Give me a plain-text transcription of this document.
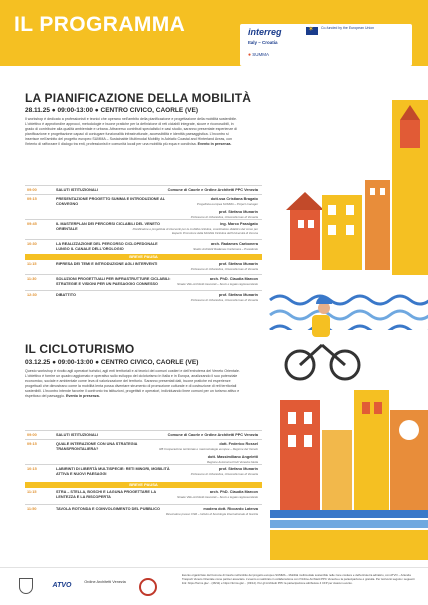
IL PROGRAMMA	interreg
✶	Co-funded by the European Union
Italy – Croatia
● SUMMA
LA PIANIFICAZIONE DELLA MOBILITÀ
28.11.25 ● 09:00-13:00 ● CENTRO CIVICO, CAORLE (VE)
Il workshop è dedicato a professionisti e tecnici che operano nell'ambito della pianificazione e progettazione della mobilità sostenibile. L'obiettivo è approfondire approcci, metodologie e buone pratiche per la definizione di reti ciclabili integrate, sicure e riconoscibili, in grado di contribuire alla qualità ambientale e urbana. Attraverso contributi specialistici e casi studio, saranno presentate esperienze di pianificazione e progettazione capaci di coniugare funzionalità infrastrutturale, accessibilità e identità paesaggistica. L'incontro si inserisce nell'ambito del progetto europeo SUMMA – Sustainable Multimodal Mobility in Adriatic Coastal and Hinterland Areas, con l'intento di rafforzare il dialogo tra enti, professionisti e comunità locali per una mobilità più equa e condivisa. Evento in presenza.
09:00	SALUTI ISTITUZIONALI	Comune di Caorle e Ordine Architetti PPC Venezia
09:15	PRESENTAZIONE PROGETTO SUMMA E INTRODUZIONE AL CONVEGNO
dott.ssa Cristiana Bragato
Progettista europea SUMMA – Project manager
prof. Stefano Munarin
Professore di Urbanistica, Università Iuav di Venezia
09:45	IL MASTERPLAN DEI PERCORSI CICLABILI DEL VENETO ORIENTALE
ing. Marco Passigato
Pianificatore e progettista di interventi per la mobilità ciclistica, coordinatore didattico del corso per Esperto Promotore della Mobilità Ciclistica dell'Università di Verona
10:30	LA REALIZZAZIONE DEL PERCORSO CICLOPEDONALE LUNGO IL CANALE DELL'OROLOGIO
arch. Radames Carbonera
Studio Architetti Radames Carbonera – Presidente
BREVE PAUSA
11:15	RIPRESA DEI TEMI E INTRODUZIONE AGLI INTERVENTI	prof. Stefano Munarin
Professore di Urbanistica, Università Iuav di Venezia
11:30	SOLUZIONI PROGETTUALI PER INFRASTRUTTURE CICLABILI: STRATEGIE E VISIONI PER UN PAESAGGIO CONNESSO
arch. PhD. Claudia Marcon
Strade Ville-Architetti Associati – Socio e legale rappresentante
12:30	DIBATTITO	prof. Stefano Munarin
Professore di Urbanistica, Università Iuav di Venezia
IL CICLOTURISMO
03.12.25 ● 09:00-13:00 ● CENTRO CIVICO, CAORLE (VE)
Questo workshop è rivolto agli operatori turistici, agli enti territoriali e ai tecnici dei comuni costieri e dell'entroterra del Veneto Orientale. L'obiettivo è fornire un quadro aggiornato e operativo sullo sviluppo del cicloturismo in Italia e in Europa, analizzando il suo potenziale economico, sociale e ambientale come leva di valorizzazione del territorio. Saranno presentati dati, buone pratiche ed esperienze progettuali che dimostrano come la mobilità lenta possa diventare strumento di promozione culturale e di costruzione di reti territoriali sostenibili. L'incontro intende favorire il confronto tra istituzioni, progettisti e operatori, individuando linee comuni per un turismo attivo e rispettoso del paesaggio. Evento in presenza.
09:00	SALUTI ISTITUZIONALI	Comune di Caorle e Ordine Architetti PPC Venezia
09:15	QUALE INTERAZIONE CON UNA STRATEGIA TRANSFRONTALIERA?
dott. Federico Rossel
RB Cooperazione territoriale e macrostrategie europee – Regione del Veneto
dott. Massimiliano Angeletti
Regione Autonoma Friuli Venezia Giulia
10:15	LABIRINTI DI LIBERTÀ MULTISPECIE: RETI MINORI, MOBILITÀ ATTIVA E NUOVI PAESAGGI
prof. Stefano Munarin
Professore di Urbanistica, Università Iuav di Venezia
BREVE PAUSA
11:15	STRA – STELLA, BOSCHI E LAGUNA PROGETTARE LA LENTEZZA E LA RISCOPERTA
arch. PhD. Claudia Marcon
Strade Ville-Architetti Associati – Socio e legale rappresentante
11:50	TAVOLA ROTONDA E COINVOLGIMENTO DEL PUBBLICO	modera dott. Riccardo Laterza
Ricercatore presso CSR – Istituto di Sociologia Internazionale di Gorizia
ATVO	Ordine Architetti Venezia
Evento organizzato dal Comune di Caorle nell'ambito del progetto europeo SUMMA – Mobilità multimodale sostenibile nelle zone costiere e dell'entroterra adriatico, con ATVO – Azienda Trasporti Veneto Orientale come partner associato. L'evento è realizzato in collaborazione con l'Ordine Architetti PPC Venezia e la partecipazione è gratuita. Per iscriversi seguire i seguenti link: https://forms.gle/... (28/11) e https://forms.gle/... (03/12). Per gli Architetti PPC la partecipazione attribuisce 4 CFP per ciascun evento.
